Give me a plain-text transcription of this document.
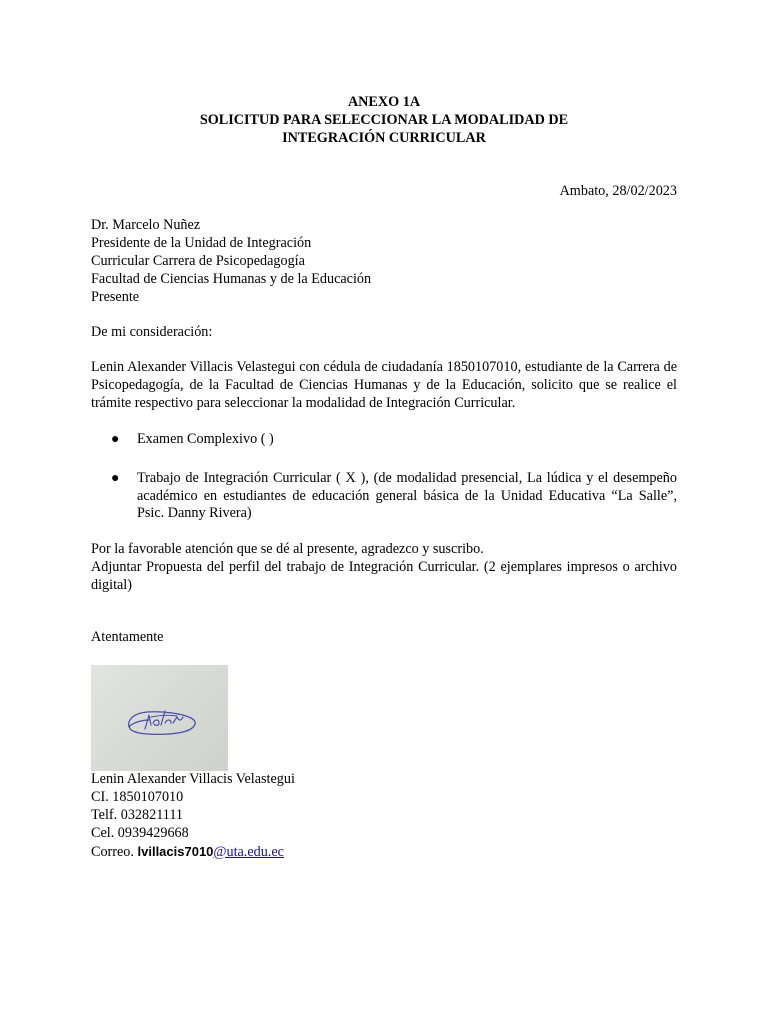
ANEXO 1A
SOLICITUD PARA SELECCIONAR LA MODALIDAD DE
INTEGRACIÓN CURRICULAR
Ambato, 28/02/2023
Dr. Marcelo Nuñez
Presidente de la Unidad de Integración
Curricular Carrera de Psicopedagogía
Facultad de Ciencias Humanas y de la Educación
Presente
De mi consideración:
Lenin Alexander Villacis Velastegui con cédula de ciudadanía 1850107010, estudiante de la Carrera de Psicopedagogía, de la Facultad de Ciencias Humanas y de la Educación, solicito que se realice el trámite respectivo para seleccionar la modalidad de Integración Curricular.
● Examen Complexivo ( )
● Trabajo de Integración Curricular ( X ), (de modalidad presencial, La lúdica y el desempeño académico en estudiantes de educación general básica de la Unidad Educativa “La Salle”, Psic. Danny Rivera)
Por la favorable atención que se dé al presente, agradezco y suscribo.
Adjuntar Propuesta del perfil del trabajo de Integración Curricular. (2 ejemplares impresos o archivo digital)
Atentamente
Lenin Alexander Villacis Velastegui
CI. 1850107010
Telf. 032821111
Cel. 0939429668
Correo. lvillacis7010@uta.edu.ec
